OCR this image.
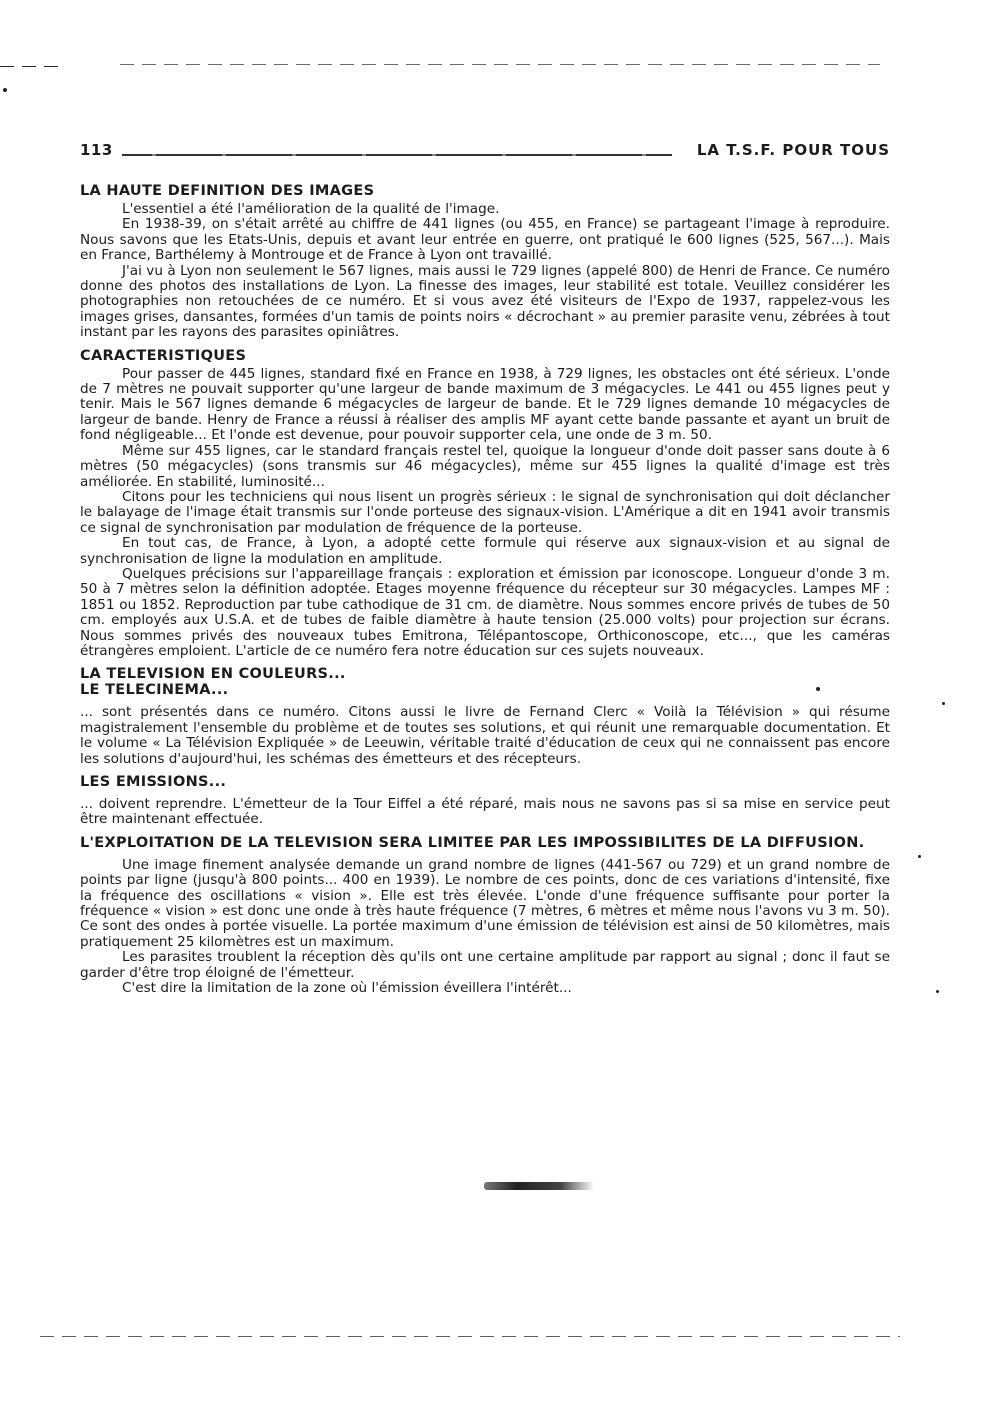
113	LA T.S.F. POUR TOUS
LA HAUTE DEFINITION DES IMAGES

L'essentiel a été l'amélioration de la qualité de l'image.

En 1938-39, on s'était arrêté au chiffre de 441 lignes (ou 455, en France) se partageant l'image à reproduire. Nous savons que les Etats-Unis, depuis et avant leur entrée en guerre, ont pratiqué le 600 lignes (525, 567...). Mais en France, Barthélemy à Montrouge et de France à Lyon ont travaillé.

J'ai vu à Lyon non seulement le 567 lignes, mais aussi le 729 lignes (appelé 800) de Henri de France. Ce numéro donne des photos des installations de Lyon. La finesse des images, leur stabilité est totale. Veuillez considérer les photographies non retouchées de ce numéro. Et si vous avez été visiteurs de l'Expo de 1937, rappelez-vous les images grises, dansantes, formées d'un tamis de points noirs « décrochant » au premier parasite venu, zébrées à tout instant par les rayons des parasites opiniâtres.

CARACTERISTIQUES

Pour passer de 445 lignes, standard fixé en France en 1938, à 729 lignes, les obstacles ont été sérieux. L'onde de 7 mètres ne pouvait supporter qu'une largeur de bande maximum de 3 mégacycles. Le 441 ou 455 lignes peut y tenir. Mais le 567 lignes demande 6 mégacycles de largeur de bande. Et le 729 lignes demande 10 mégacycles de largeur de bande. Henry de France a réussi à réaliser des amplis MF ayant cette bande passante et ayant un bruit de fond négligeable... Et l'onde est devenue, pour pouvoir supporter cela, une onde de 3 m. 50.

Même sur 455 lignes, car le standard français restel tel, quoique la longueur d'onde doit passer sans doute à 6 mètres (50 mégacycles) (sons transmis sur 46 mégacycles), même sur 455 lignes la qualité d'image est très améliorée. En stabilité, luminosité...

Citons pour les techniciens qui nous lisent un progrès sérieux : le signal de synchronisation qui doit déclancher le balayage de l'image était transmis sur l'onde porteuse des signaux-vision. L'Amérique a dit en 1941 avoir transmis ce signal de synchronisation par modulation de fréquence de la porteuse.

En tout cas, de France, à Lyon, a adopté cette formule qui réserve aux signaux-vision et au signal de synchronisation de ligne la modulation en amplitude.

Quelques précisions sur l'appareillage français : exploration et émission par iconoscope. Longueur d'onde 3 m. 50 à 7 mètres selon la définition adoptée. Etages moyenne fréquence du récepteur sur 30 mégacycles. Lampes MF : 1851 ou 1852. Reproduction par tube cathodique de 31 cm. de diamètre. Nous sommes encore privés de tubes de 50 cm. employés aux U.S.A. et de tubes de faible diamètre à haute tension (25.000 volts) pour projection sur écrans. Nous sommes privés des nouveaux tubes Emitrona, Télépantoscope, Orthiconoscope, etc..., que les caméras étrangères emploient. L'article de ce numéro fera notre éducation sur ces sujets nouveaux.

LA TELEVISION EN COULEURS...
LE TELECINEMA...

... sont présentés dans ce numéro. Citons aussi le livre de Fernand Clerc « Voilà la Télévision » qui résume magistralement l'ensemble du problème et de toutes ses solutions, et qui réunit une remarquable documentation. Et le volume « La Télévision Expliquée » de Leeuwin, véritable traité d'éducation de ceux qui ne connaissent pas encore les solutions d'aujourd'hui, les schémas des émetteurs et des récepteurs.

LES EMISSIONS...

... doivent reprendre. L'émetteur de la Tour Eiffel a été réparé, mais nous ne savons pas si sa mise en service peut être maintenant effectuée.

L'EXPLOITATION DE LA TELEVISION SERA LIMITEE PAR LES IMPOSSIBILITES DE LA DIFFUSION.

Une image finement analysée demande un grand nombre de lignes (441-567 ou 729) et un grand nombre de points par ligne (jusqu'à 800 points... 400 en 1939). Le nombre de ces points, donc de ces variations d'intensité, fixe la fréquence des oscillations « vision ». Elle est très élevée. L'onde d'une fréquence suffisante pour porter la fréquence « vision » est donc une onde à très haute fréquence (7 mètres, 6 mètres et même nous l'avons vu 3 m. 50). Ce sont des ondes à portée visuelle. La portée maximum d'une émission de télévision est ainsi de 50 kilomètres, mais pratiquement 25 kilomètres est un maximum.

Les parasites troublent la réception dès qu'ils ont une certaine amplitude par rapport au signal ; donc il faut se garder d'être trop éloigné de l'émetteur.

C'est dire la limitation de la zone où l'émission éveillera l'intérêt...
